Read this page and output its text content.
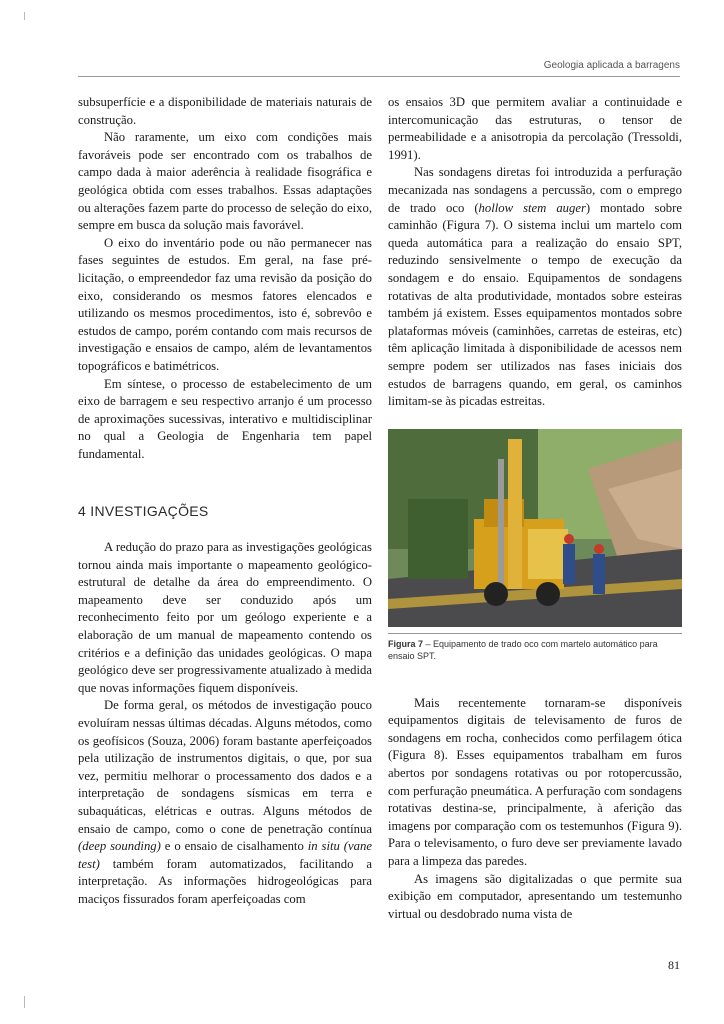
Geologia aplicada a barragens

subsuperfície e a disponibilidade de materiais naturais de construção.

Não raramente, um eixo com condições mais favoráveis pode ser encontrado com os trabalhos de campo dada à maior aderência à realidade fisográfica e geológica obtida com esses trabalhos. Essas adaptações ou alterações fazem parte do processo de seleção do eixo, sempre em busca da solução mais favorável.

O eixo do inventário pode ou não permanecer nas fases seguintes de estudos. Em geral, na fase pré-licitação, o empreendedor faz uma revisão da posição do eixo, considerando os mesmos fatores elencados e utilizando os mesmos procedimentos, isto é, sobrevôo e estudos de campo, porém contando com mais recursos de investigação e ensaios de campo, além de levantamentos topográficos e batimétricos.

Em síntese, o processo de estabelecimento de um eixo de barragem e seu respectivo arranjo é um processo de aproximações sucessivas, interativo e multidisciplinar no qual a Geologia de Engenharia tem papel fundamental.

4 INVESTIGAÇÕES

A redução do prazo para as investigações geológicas tornou ainda mais importante o mapeamento geológico-estrutural de detalhe da área do empreendimento. O mapeamento deve ser conduzido após um reconhecimento feito por um geólogo experiente e a elaboração de um manual de mapeamento contendo os critérios e a definição das unidades geológicas. O mapa geológico deve ser progressivamente atualizado à medida que novas informações fiquem disponíveis.

De forma geral, os métodos de investigação pouco evoluíram nessas últimas décadas. Alguns métodos, como os geofísicos (Souza, 2006) foram bastante aperfeiçoados pela utilização de instrumentos digitais, o que, por sua vez, permitiu melhorar o processamento dos dados e a interpretação de sondagens sísmicas em terra e subaquáticas, elétricas e outras. Alguns métodos de ensaio de campo, como o cone de penetração contínua (deep sounding) e o ensaio de cisalhamento in situ (vane test) também foram automatizados, facilitando a interpretação. As informações hidrogeológicas para maciços fissurados foram aperfeiçoadas com

os ensaios 3D que permitem avaliar a continuidade e intercomunicação das estruturas, o tensor de permeabilidade e a anisotropia da percolação (Tressoldi, 1991).

Nas sondagens diretas foi introduzida a perfuração mecanizada nas sondagens a percussão, com o emprego de trado oco (hollow stem auger) montado sobre caminhão (Figura 7). O sistema inclui um martelo com queda automática para a realização do ensaio SPT, reduzindo sensivelmente o tempo de execução da sondagem e do ensaio. Equipamentos de sondagens rotativas de alta produtividade, montados sobre esteiras também já existem. Esses equipamentos montados sobre plataformas móveis (caminhões, carretas de esteiras, etc) têm aplicação limitada à disponibilidade de acessos nem sempre podem ser utilizados nas fases iniciais dos estudos de barragens quando, em geral, os caminhos limitam-se às picadas estreitas.

Figura 7 – Equipamento de trado oco com martelo automático para ensaio SPT.

Mais recentemente tornaram-se disponíveis equipamentos digitais de televisamento de furos de sondagens em rocha, conhecidos como perfilagem ótica (Figura 8). Esses equipamentos trabalham em furos abertos por sondagens rotativas ou por rotopercussão, com perfuração pneumática. A perfuração com sondagens rotativas destina-se, principalmente, à aferição das imagens por comparação com os testemunhos (Figura 9). Para o televisamento, o furo deve ser previamente lavado para a limpeza das paredes.

As imagens são digitalizadas o que permite sua exibição em computador, apresentando um testemunho virtual ou desdobrado numa vista de

81
